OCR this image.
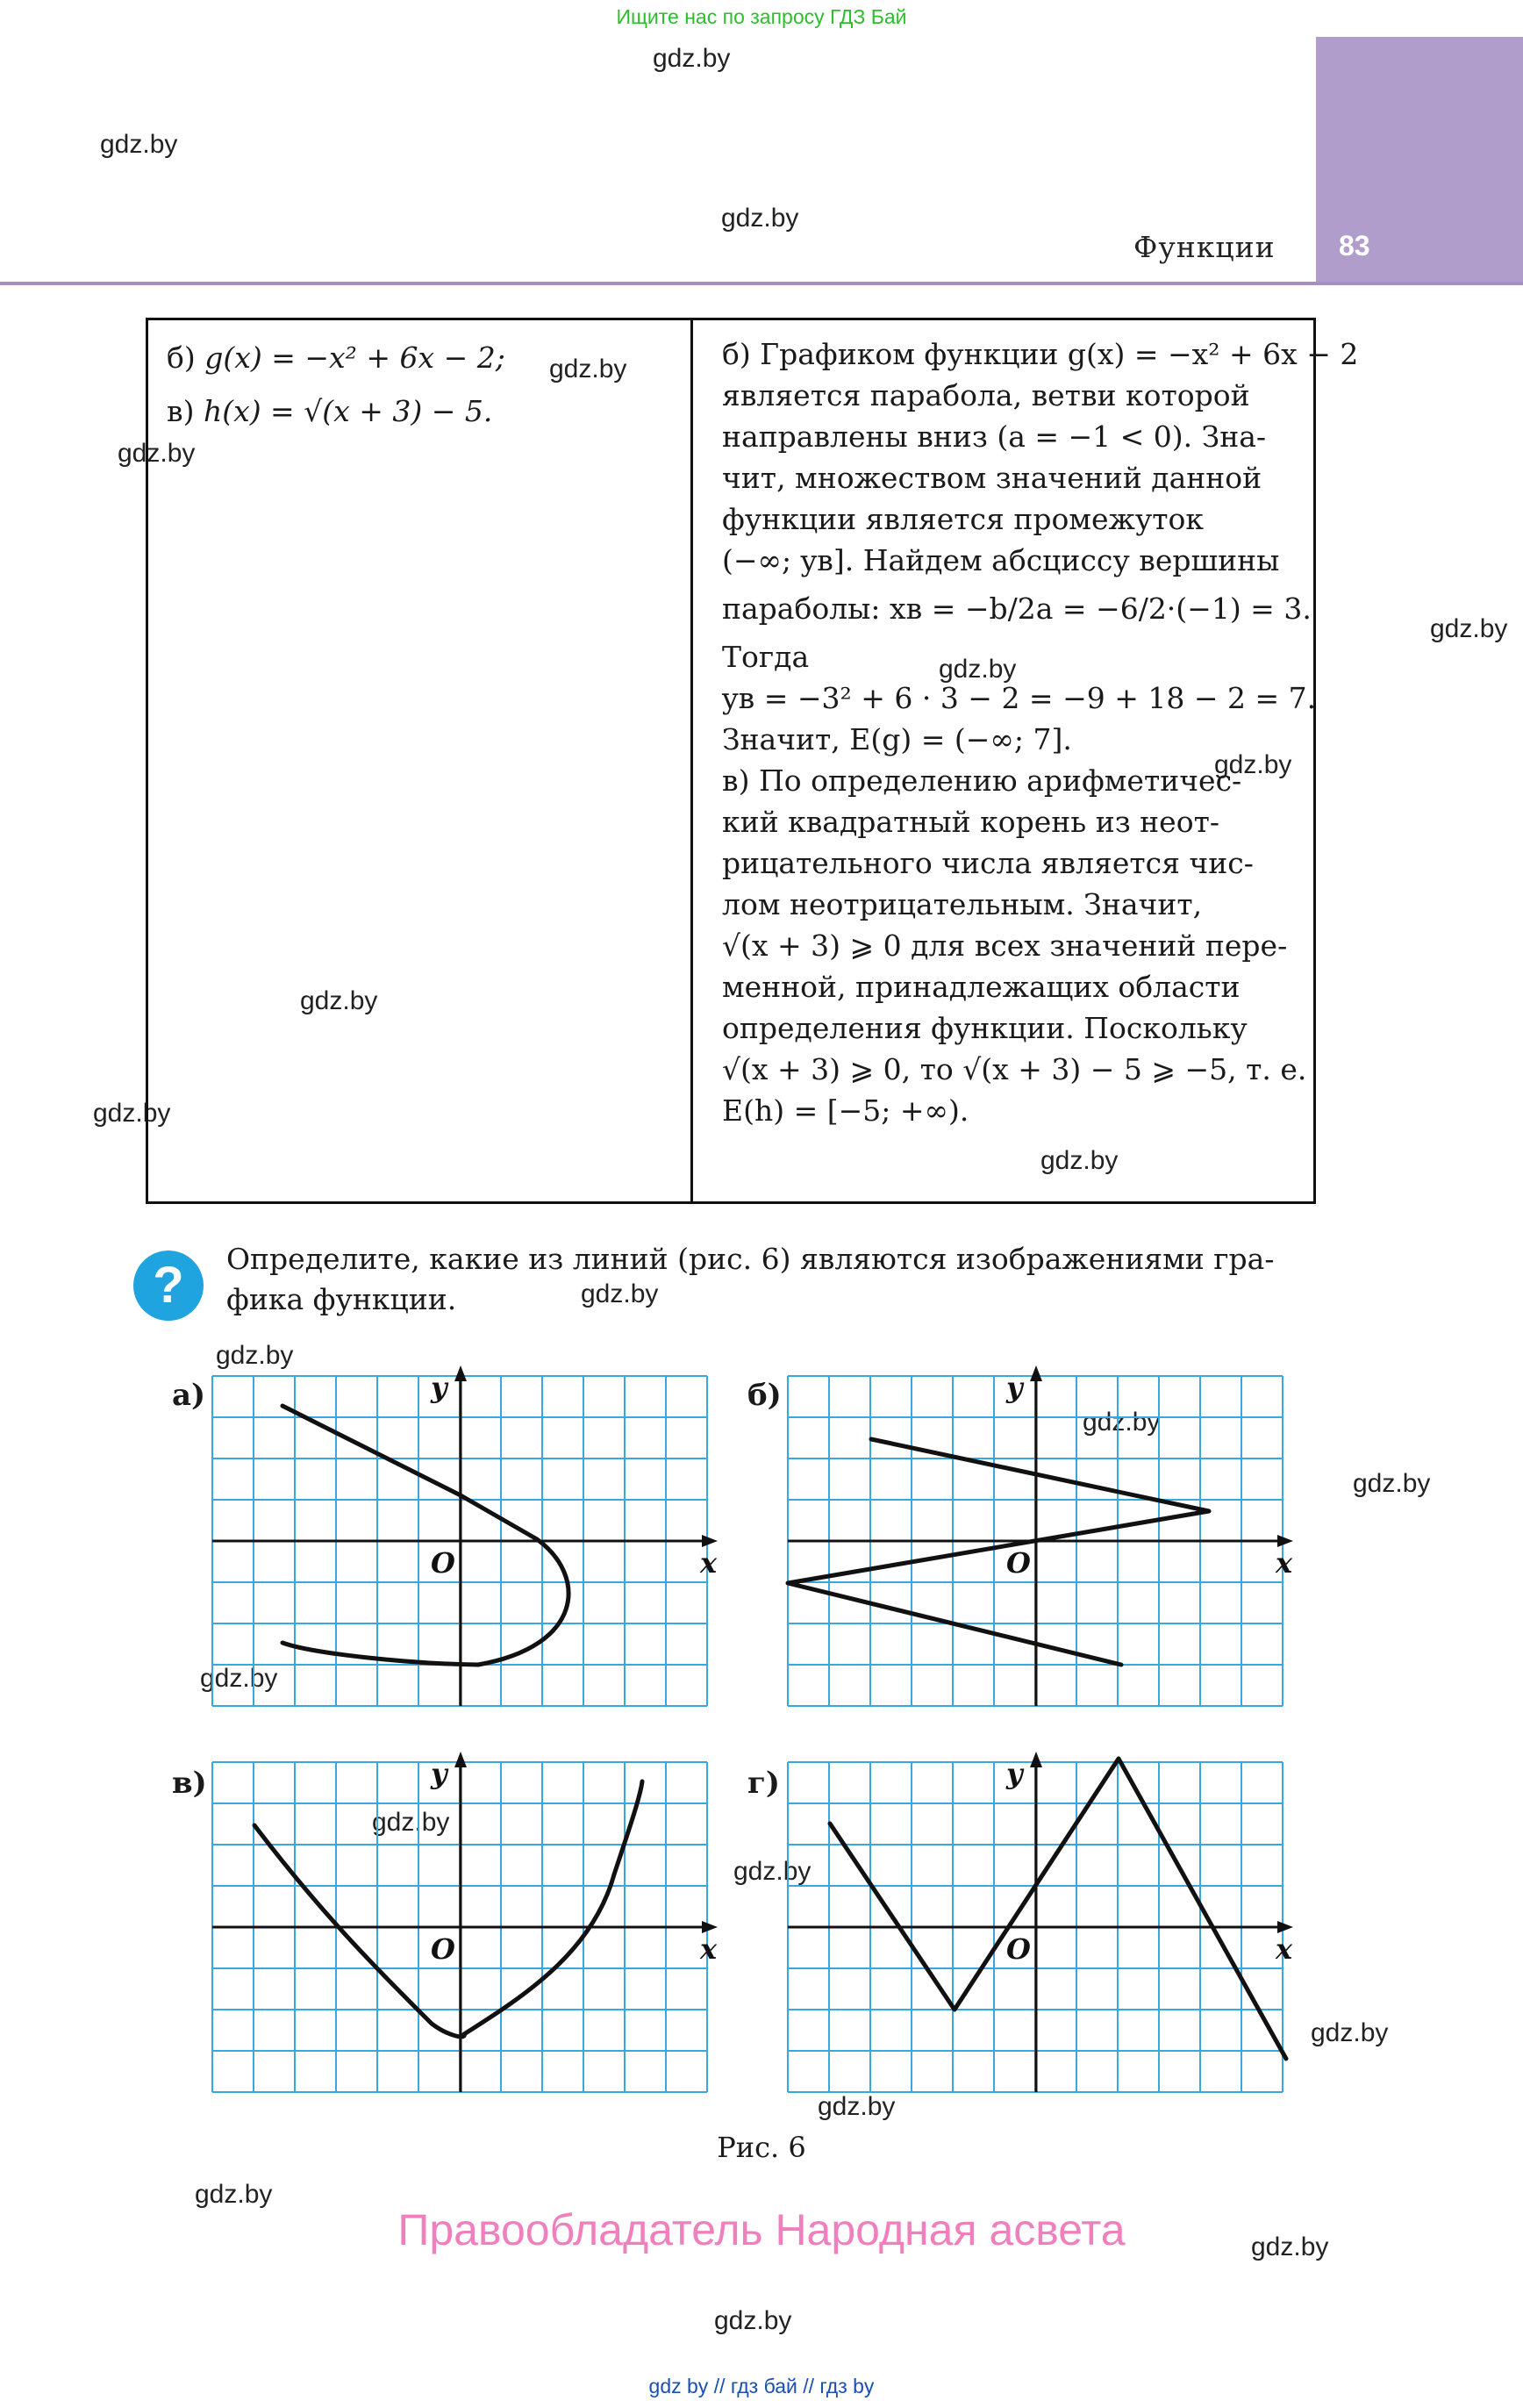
Ищите нас по запросу ГДЗ Бай
gdz.by
gdz.by
gdz.by
gdz.by
gdz.by
gdz.by
gdz.by
gdz.by
gdz.by
gdz.by
gdz.by
gdz.by
gdz.by
gdz.by
gdz.by
gdz.by
gdz.by
gdz.by
gdz.by
gdz.by
gdz.by
gdz.by
gdz.by
83
Функции
б) g(x) = −x² + 6x − 2;
в) h(x) = √(x + 3) − 5.
б) Графиком функции g(x) = −x² + 6x − 2
является парабола, ветви которой
направлены вниз (a = −1 < 0). Зна-
чит, множеством значений данной
функции является промежуток
(−∞; yв]. Найдем абсциссу вершины
параболы: xв = −b/2a = −6/2·(−1) = 3.
Тогда
yв = −3² + 6 · 3 − 2 = −9 + 18 − 2 = 7.
Значит, E(g) = (−∞; 7].
в) По определению арифметичес-
кий квадратный корень из неот-
рицательного числа является чис-
лом неотрицательным. Значит,
√(x + 3) ⩾ 0 для всех значений пере-
менной, принадлежащих области
определения функции. Поскольку
√(x + 3) ⩾ 0, то √(x + 3) − 5 ⩾ −5, т. е.
E(h) = [−5; +∞).
?	Определите, какие из линий (рис. 6) являются изображениями гра-
фика функции.
x
y
O	x
y
O
x
y
O	x
y
O
а)	б)
в)	г)
Рис. 6
Правообладатель Народная асвета
gdz by // гдз бай // гдз by
